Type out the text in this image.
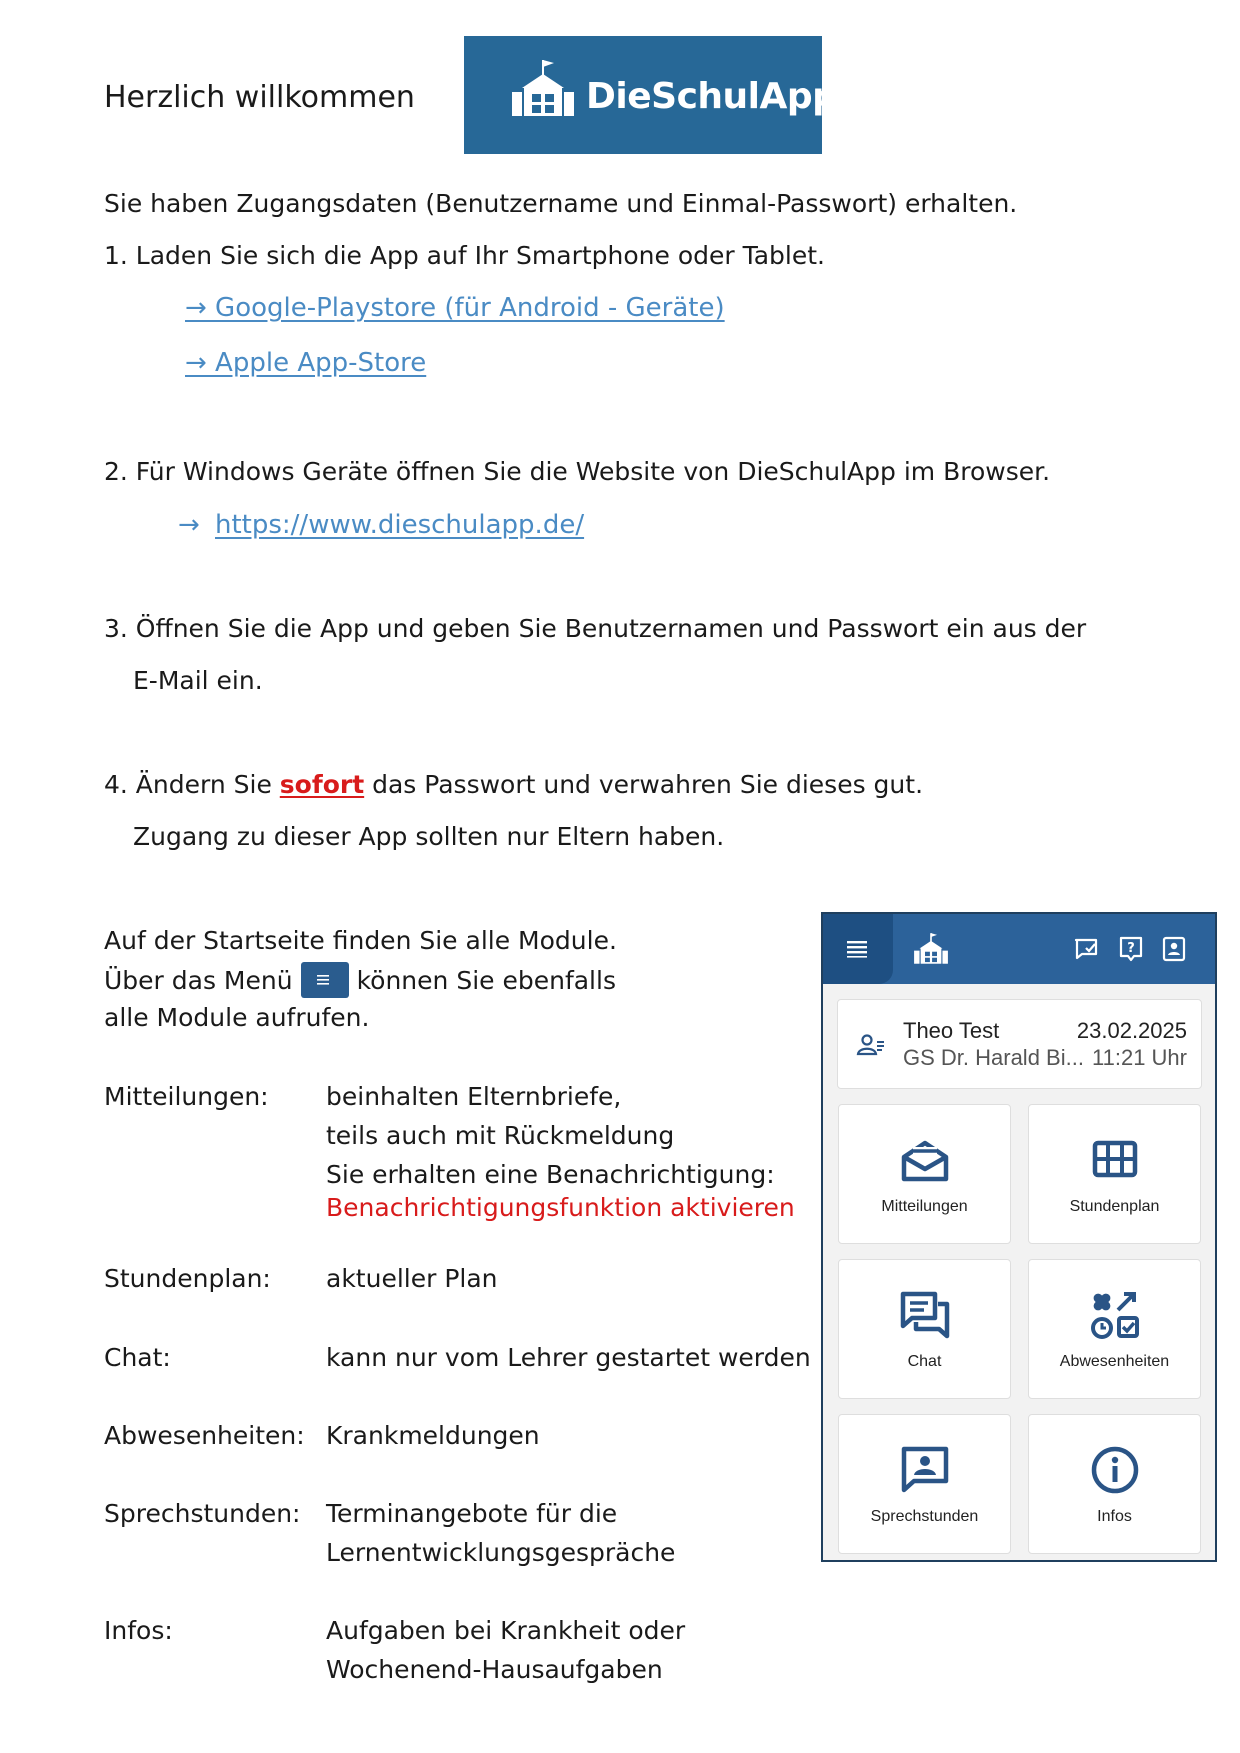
Herzlich willkommen	DieSchulApp
Sie haben Zugangsdaten (Benutzername und Einmal-Passwort) erhalten.
1. Laden Sie sich die App auf Ihr Smartphone oder Tablet.
→ Google-Playstore (für Android - Geräte)
→ Apple App-Store
2. Für Windows Geräte öffnen Sie die Website von DieSchulApp im Browser.
→ https://www.dieschulapp.de/
3. Öffnen Sie die App und geben Sie Benutzernamen und Passwort ein aus der
E-Mail ein.
4. Ändern Sie sofort das Passwort und verwahren Sie dieses gut.
Zugang zu dieser App sollten nur Eltern haben.
Auf der Startseite finden Sie alle Module.
Über das Menü	können Sie ebenfalls
alle Module aufrufen.
Mitteilungen: beinhalten Elternbriefe,
teils auch mit Rückmeldung
Sie erhalten eine Benachrichtigung:
Benachrichtigungsfunktion aktivieren
Stundenplan: aktueller Plan
Chat:	kann nur vom Lehrer gestartet werden
Abwesenheiten: Krankmeldungen
Sprechstunden: Terminangebote für die
Lernentwicklungsgespräche
Infos:	Aufgaben bei Krankheit oder
Wochenend-Hausaufgaben
?
Theo Test	23.02.2025
GS Dr. Harald Bi... 11:21 Uhr
Mitteilungen	Stundenplan
Chat	Abwesenheiten
Sprechstunden	Infos
